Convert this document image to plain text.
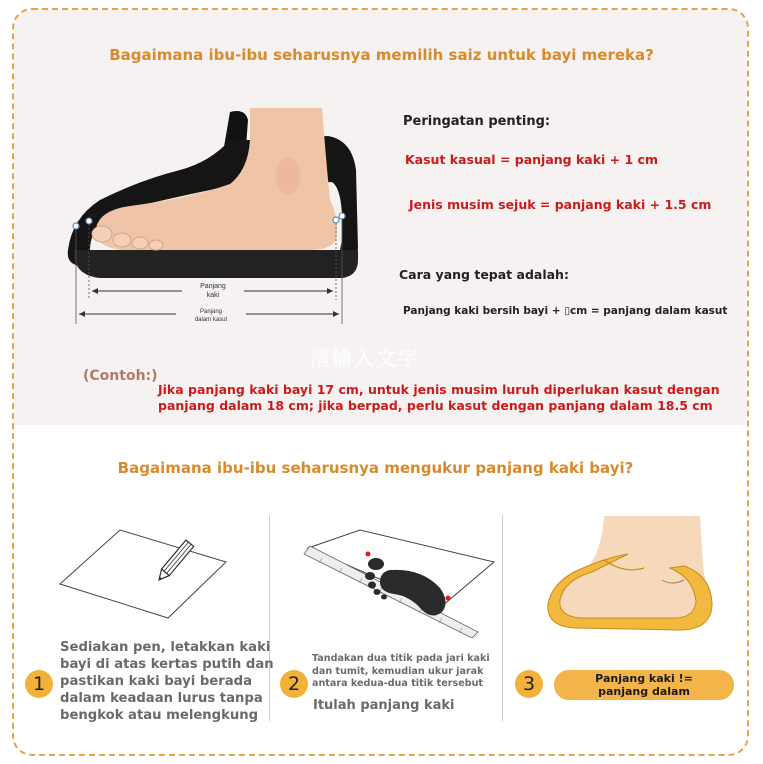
Bagaimana ibu-ibu seharusnya memilih saiz untuk bayi mereka?
Panjang
kaki
Panjang
dalam kasut
Peringatan penting:
Kasut kasual = panjang kaki + 1 cm
Jenis musim sejuk = panjang kaki + 1.5 cm
Cara yang tepat adalah:
Panjang kaki bersih bayi + ▯cm = panjang dalam kasut
清输入文字
(Contoh:)
Jika panjang kaki bayi 17 cm, untuk jenis musim luruh diperlukan kasut dengan
panjang dalam 18 cm; jika berpad, perlu kasut dengan panjang dalam 18.5 cm
Bagaimana ibu-ibu seharusnya mengukur panjang kaki bayi?
1
Sediakan pen, letakkan kaki
bayi di atas kertas putih dan
pastikan kaki bayi berada
dalam keadaan lurus tanpa
bengkok atau melengkung
2
Tandakan dua titik pada jari kaki
dan tumit, kemudian ukur jarak
antara kedua-dua titik tersebut
Itulah panjang kaki
3	Panjang kaki !=
panjang dalam
